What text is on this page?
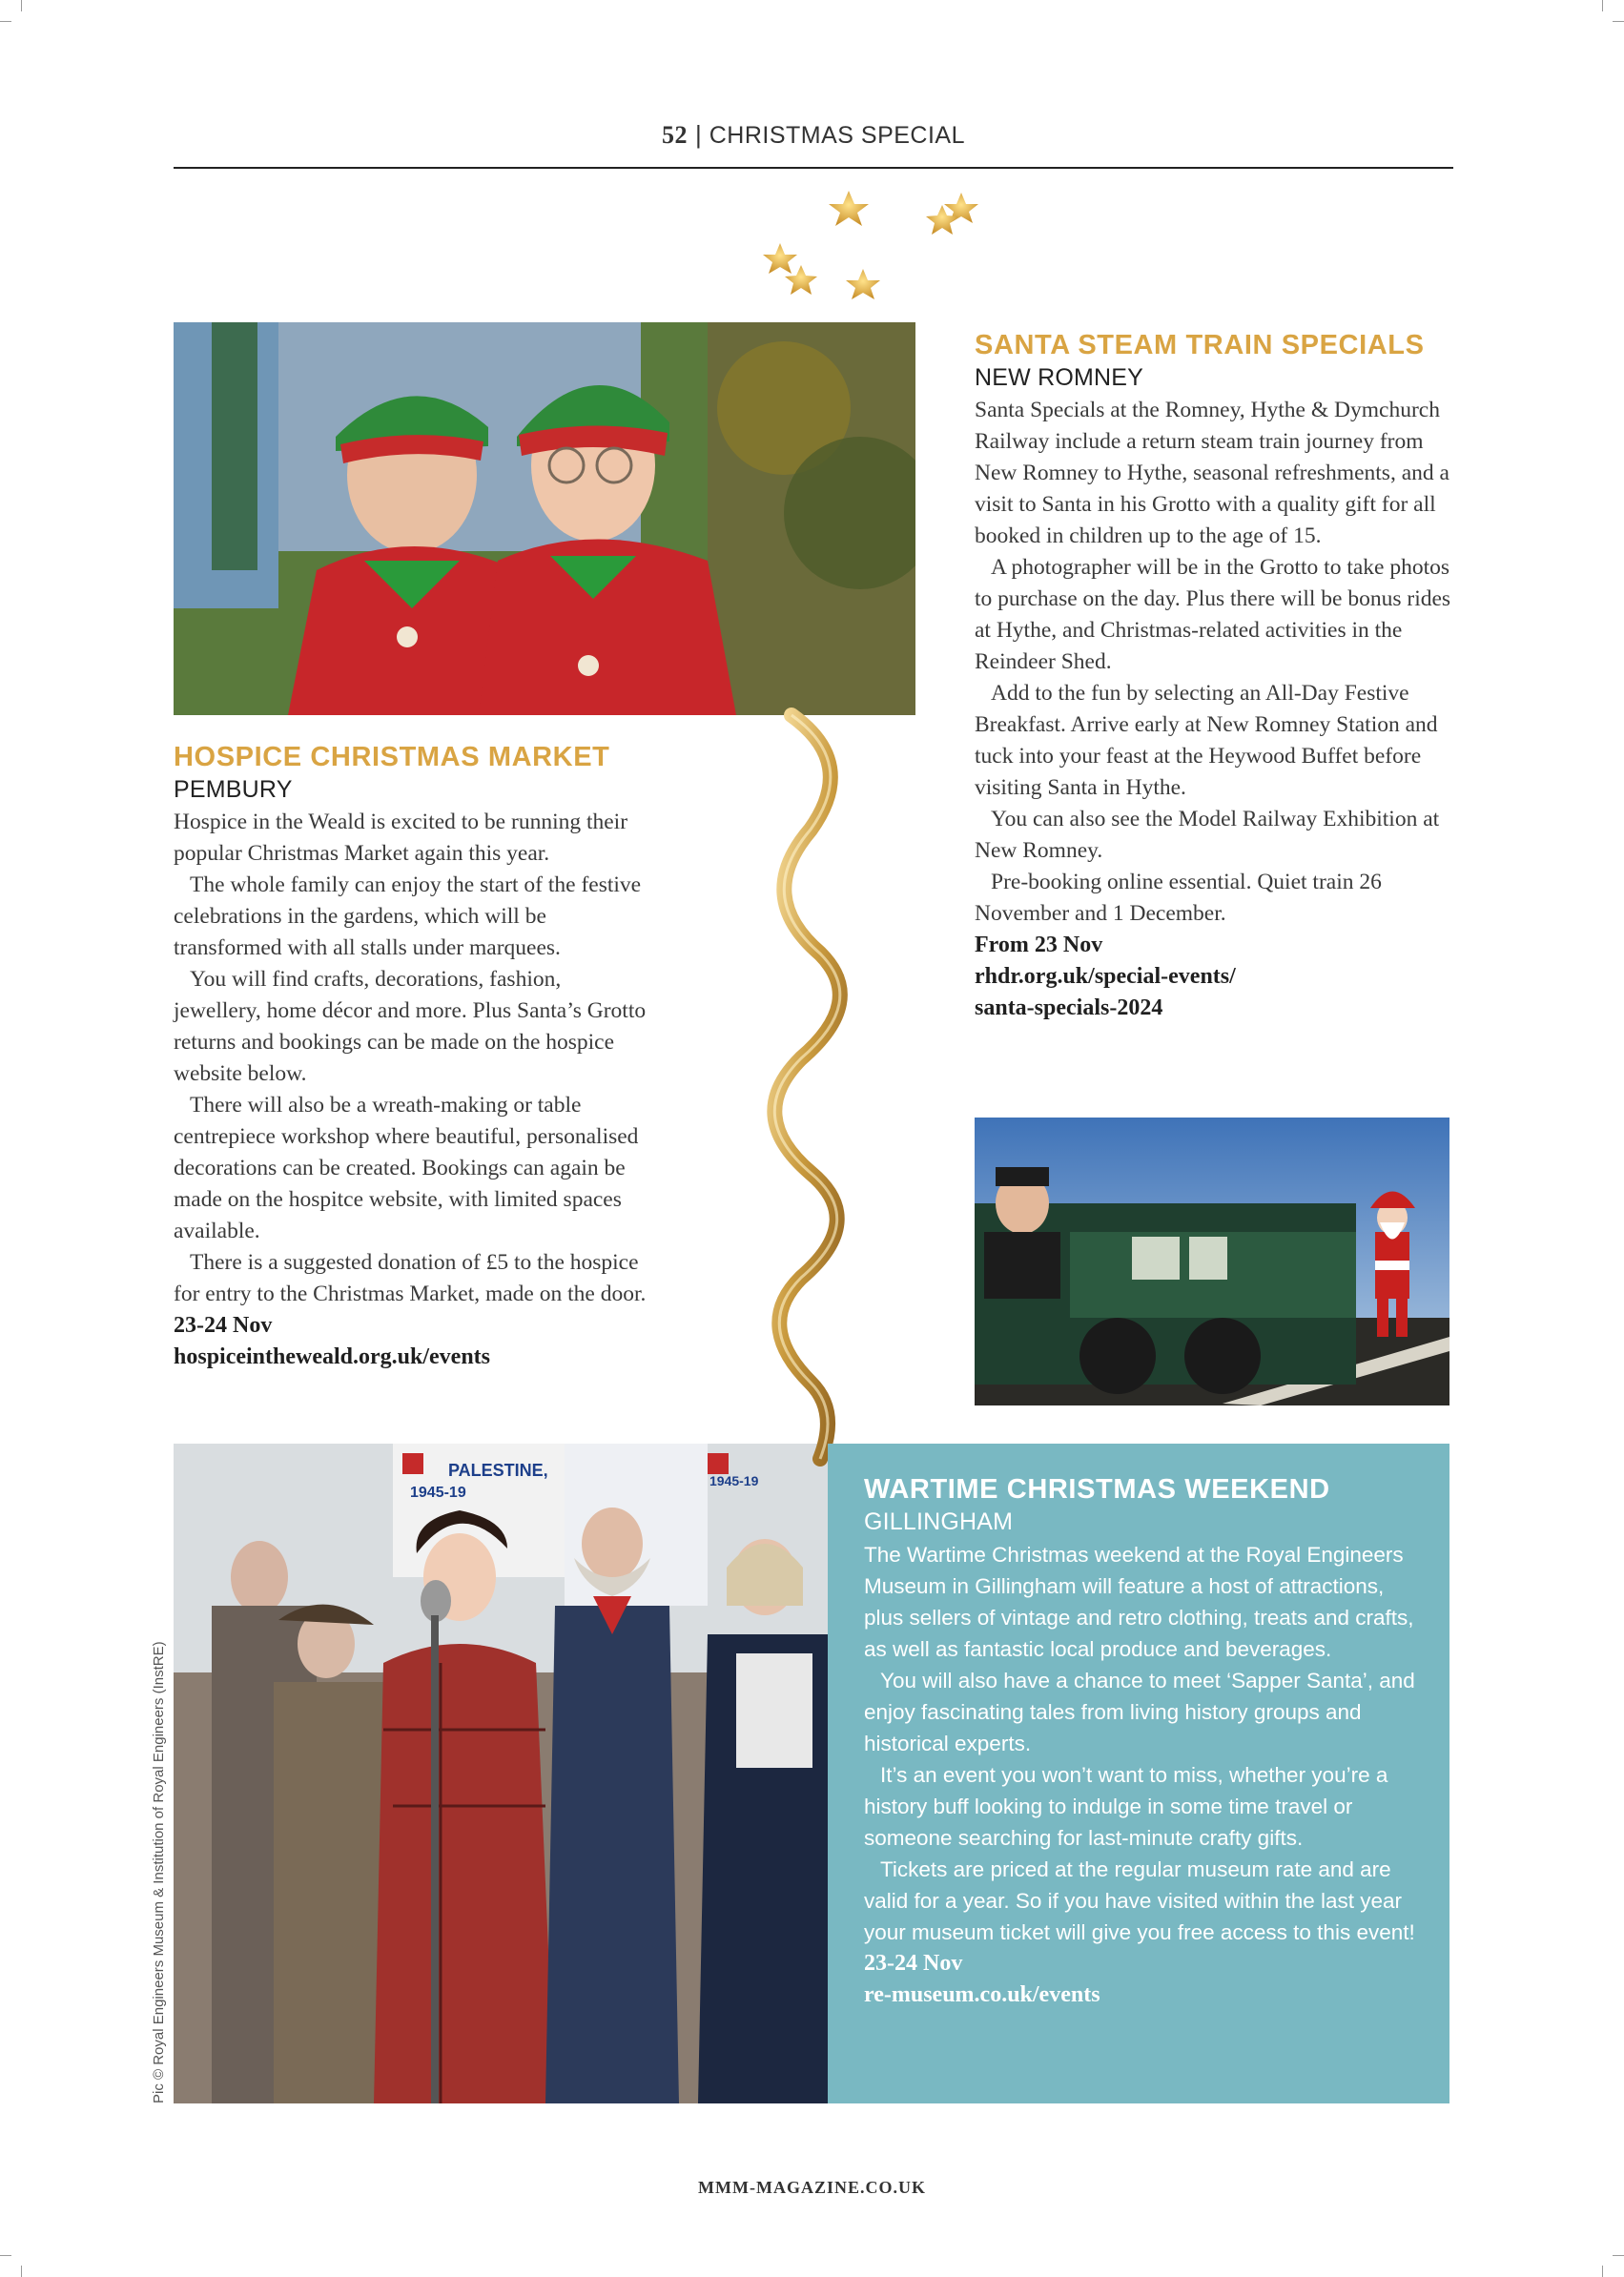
52 | CHRISTMAS SPECIAL
HOSPICE CHRISTMAS MARKET
PEMBURY

Hospice in the Weald is excited to be running their popular Christmas Market again this year.

The whole family can enjoy the start of the festive celebrations in the gardens, which will be transformed with all stalls under marquees.

You will find crafts, decorations, fashion, jewellery, home décor and more. Plus Santa’s Grotto returns and bookings can be made on the hospice website below.

There will also be a wreath-making or table centrepiece workshop where beautiful, personalised decorations can be created. Bookings can again be made on the hospitce website, with limited spaces available.

There is a suggested donation of £5 to the hospice for entry to the Christmas Market, made on the door.

23-24 Nov

hospiceintheweald.org.uk/events

SANTA STEAM TRAIN SPECIALS
NEW ROMNEY

Santa Specials at the Romney, Hythe & Dymchurch Railway include a return steam train journey from New Romney to Hythe, seasonal refreshments, and a visit to Santa in his Grotto with a quality gift for all booked in children up to the age of 15.

A photographer will be in the Grotto to take photos to purchase on the day. Plus there will be bonus rides at Hythe, and Christmas-related activities in the Reindeer Shed.

Add to the fun by selecting an All-Day Festive Breakfast. Arrive early at New Romney Station and tuck into your feast at the Heywood Buffet before visiting Santa in Hythe.

You can also see the Model Railway Exhibition at New Romney.

Pre-booking online essential. Quiet train 26 November and 1 December.

From 23 Nov

rhdr.org.uk/special-events/

santa-specials-2024

PALESTINE,
1945-19
1945-19
Pic © Royal Engineers Museum & Institution of Royal Engineers (InstRE)
WARTIME CHRISTMAS WEEKEND
GILLINGHAM

The Wartime Christmas weekend at the Royal Engineers Museum in Gillingham will feature a host of attractions, plus sellers of vintage and retro clothing, treats and crafts, as well as fantastic local produce and beverages.

You will also have a chance to meet ‘Sapper Santa’, and enjoy fascinating tales from living history groups and historical experts.

It’s an event you won’t want to miss, whether you’re a history buff looking to indulge in some time travel or someone searching for last-minute crafty gifts.

Tickets are priced at the regular museum rate and are valid for a year. So if you have visited within the last year your museum ticket will give you free access to this event!

23-24 Nov

re-museum.co.uk/events

MMM-MAGAZINE.CO.UK
